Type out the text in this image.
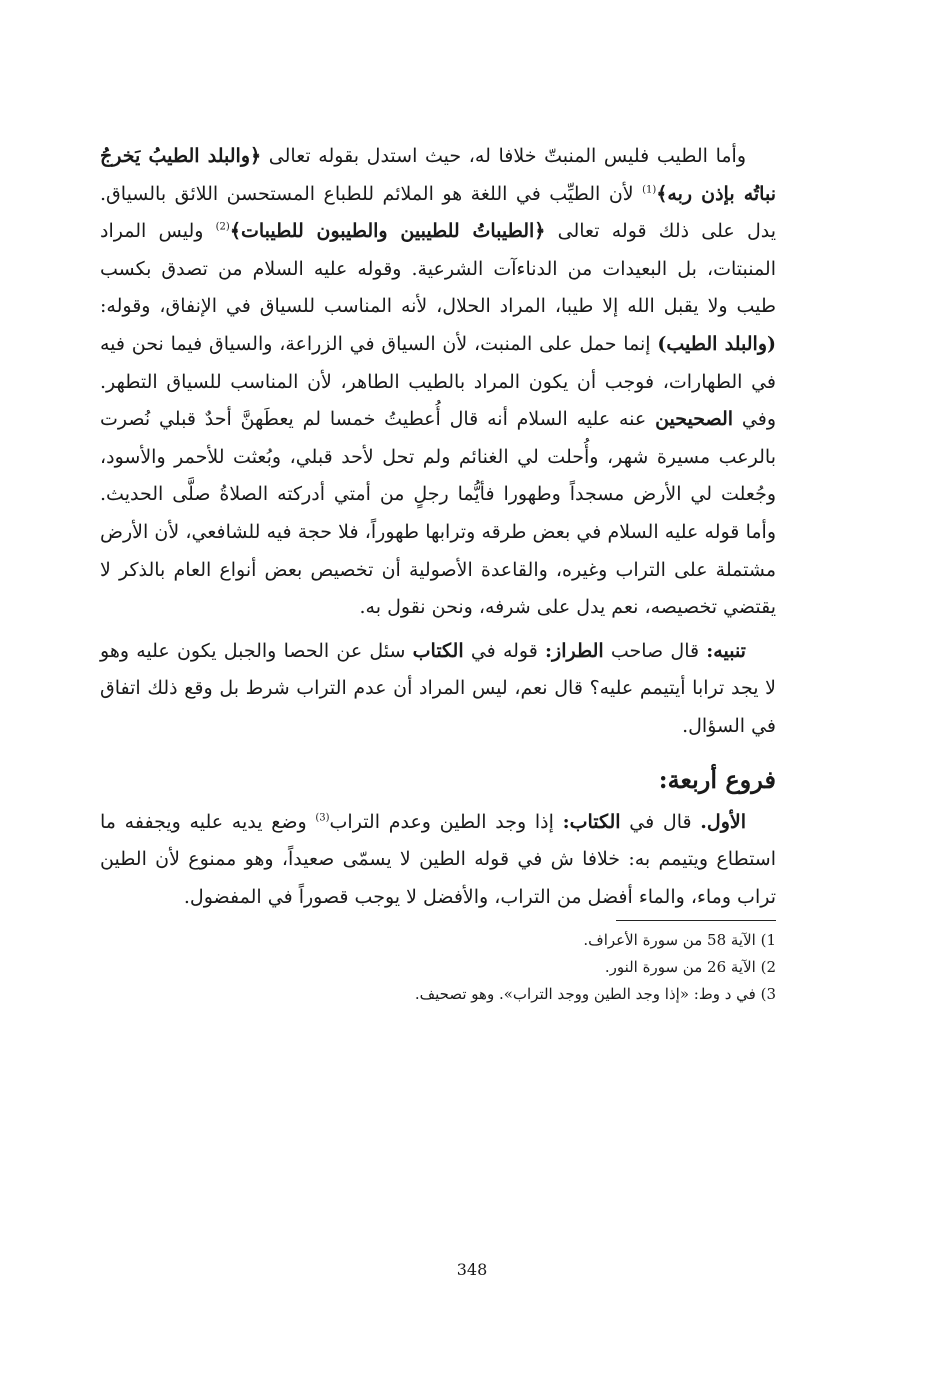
وأما الطيب فليس المنبتّ خلافا له، حيث استدل بقوله تعالى ﴿والبلد الطيبُ يَخرجُ نباتُه بإذن ربه﴾$^{(1)}$ لأن الطيِّب في اللغة هو الملائم للطباع المستحسن اللائق بالسياق. يدل على ذلك قوله تعالى ﴿الطيباتُ للطيبين والطيبون للطيبات﴾$^{(2)}$ وليس المراد المنبتات، بل البعيدات من الدناءآت الشرعية. وقوله عليه السلام من تصدق بكسب طيب ولا يقبل الله إلا طيبا، المراد الحلال، لأنه المناسب للسياق في الإنفاق، وقوله: (والبلد الطيب) إنما حمل على المنبت، لأن السياق في الزراعة، والسياق فيما نحن فيه في الطهارات، فوجب أن يكون المراد بالطيب الطاهر، لأن المناسب للسياق التطهر. وفي الصحيحين عنه عليه السلام أنه قال أُعطيتُ خمسا لم يعطَهنَّ أحدٌ قبلي نُصرت بالرعب مسيرة شهر، وأُحلت لي الغنائم ولم تحل لأحد قبلي، وبُعثت للأحمر والأسود، وجُعلت لي الأرض مسجداً وطهورا فأيُّما رجلٍ من أمتي أدركته الصلاةُ صلَّى الحديث. وأما قوله عليه السلام في بعض طرقه وترابها طهوراً، فلا حجة فيه للشافعي، لأن الأرض مشتملة على التراب وغيره، والقاعدة الأصولية أن تخصيص بعض أنواع العام بالذكر لا يقتضي تخصيصه، نعم يدل على شرفه، ونحن نقول به.

تنبيه: قال صاحب الطراز: قوله في الكتاب سئل عن الحصا والجبل يكون عليه وهو لا يجد ترابا أيتيمم عليه؟ قال نعم، ليس المراد أن عدم التراب شرط بل وقع ذلك اتفاق في السؤال.

فروع أربعة:

الأول. قال في الكتاب: إذا وجد الطين وعدم التراب$^{(3)}$ وضع يديه عليه ويجففه ما استطاع ويتيمم به: خلافا ش في قوله الطين لا يسمّى صعيداً، وهو ممنوع لأن الطين تراب وماء، والماء أفضل من التراب، والأفضل لا يوجب قصوراً في المفضول.

1) الآية 58 من سورة الأعراف.
2) الآية 26 من سورة النور.
3) في د وط: «إذا وجد الطين ووجد التراب». وهو تصحيف.
348
